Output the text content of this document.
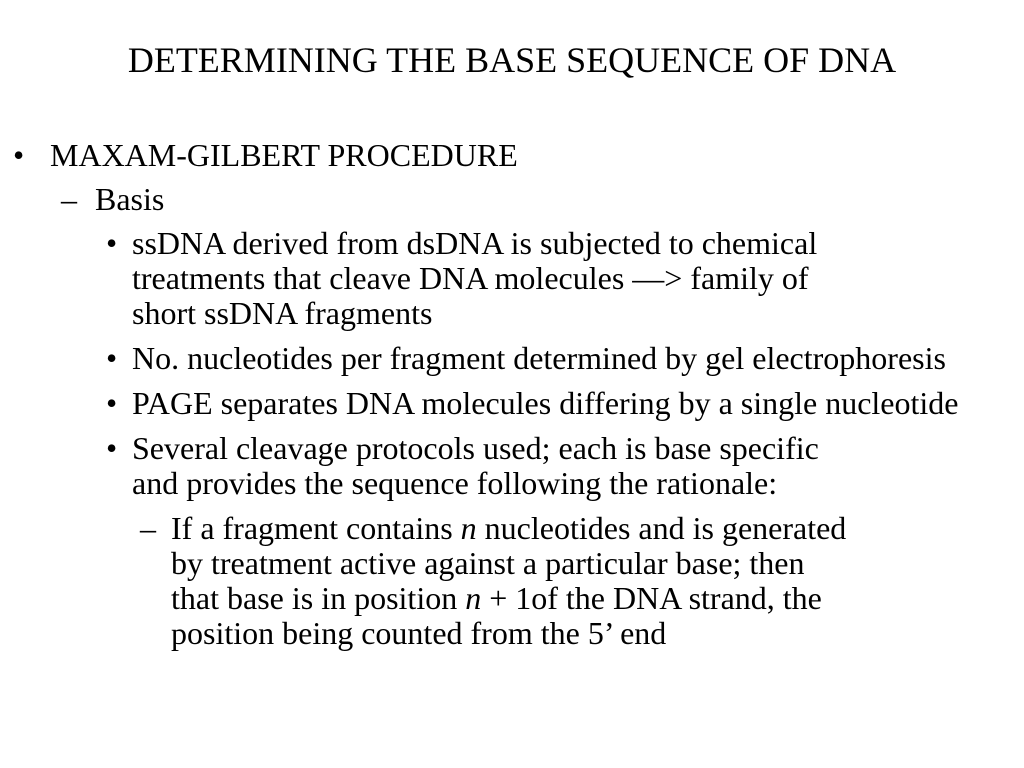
DETERMINING THE BASE SEQUENCE OF DNA
• MAXAM-GILBERT PROCEDURE
– Basis
• ssDNA derived from dsDNA is subjected to chemical treatments that cleave DNA molecules —> family of short ssDNA fragments
• No. nucleotides per fragment determined by gel electrophoresis
• PAGE separates DNA molecules differing by a single nucleotide
• Several cleavage protocols used; each is base specific and provides the sequence following the rationale:
– If a fragment contains n nucleotides and is generated by treatment active against a particular base; then that base is in position n + 1of the DNA strand, the position being counted from the 5’ end
